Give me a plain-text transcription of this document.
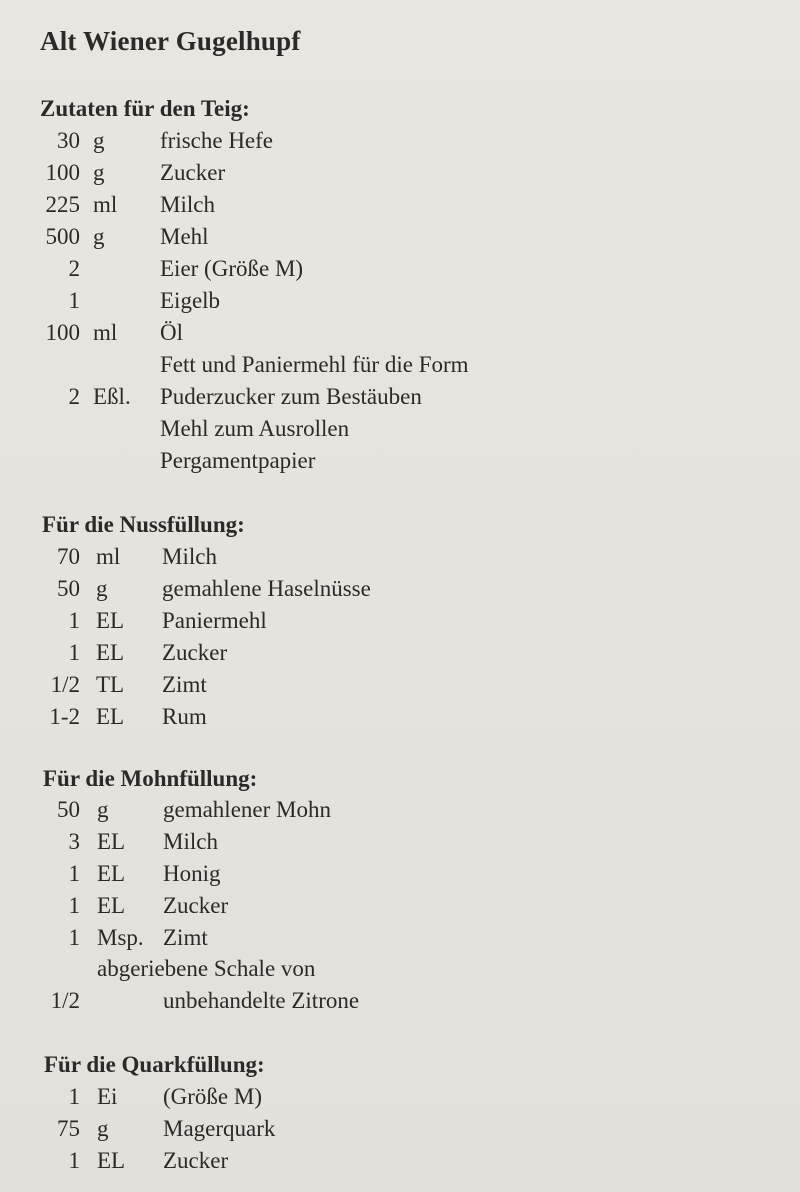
Alt Wiener Gugelhupf
Zutaten für den Teig:
30 g frische Hefe
100 g Zucker
225 ml Milch
500 g Mehl
2	Eier (Größe M)
1	Eigelb
100 ml Öl
Fett und Paniermehl für die Form
2 Eßl. Puderzucker zum Bestäuben
Mehl zum Ausrollen
Pergamentpapier
Für die Nussfüllung:
70 ml Milch
50 g gemahlene Haselnüsse
1 EL Paniermehl
1 EL Zucker
1/2 TL Zimt
1-2 EL Rum
Für die Mohnfüllung:
50 g gemahlener Mohn
3 EL Milch
1 EL Honig
1 EL Zucker
1 Msp. Zimt
abgeriebene Schale von
1/2	unbehandelte Zitrone
Für die Quarkfüllung:
1 Ei (Größe M)
75 g Magerquark
1 EL Zucker
